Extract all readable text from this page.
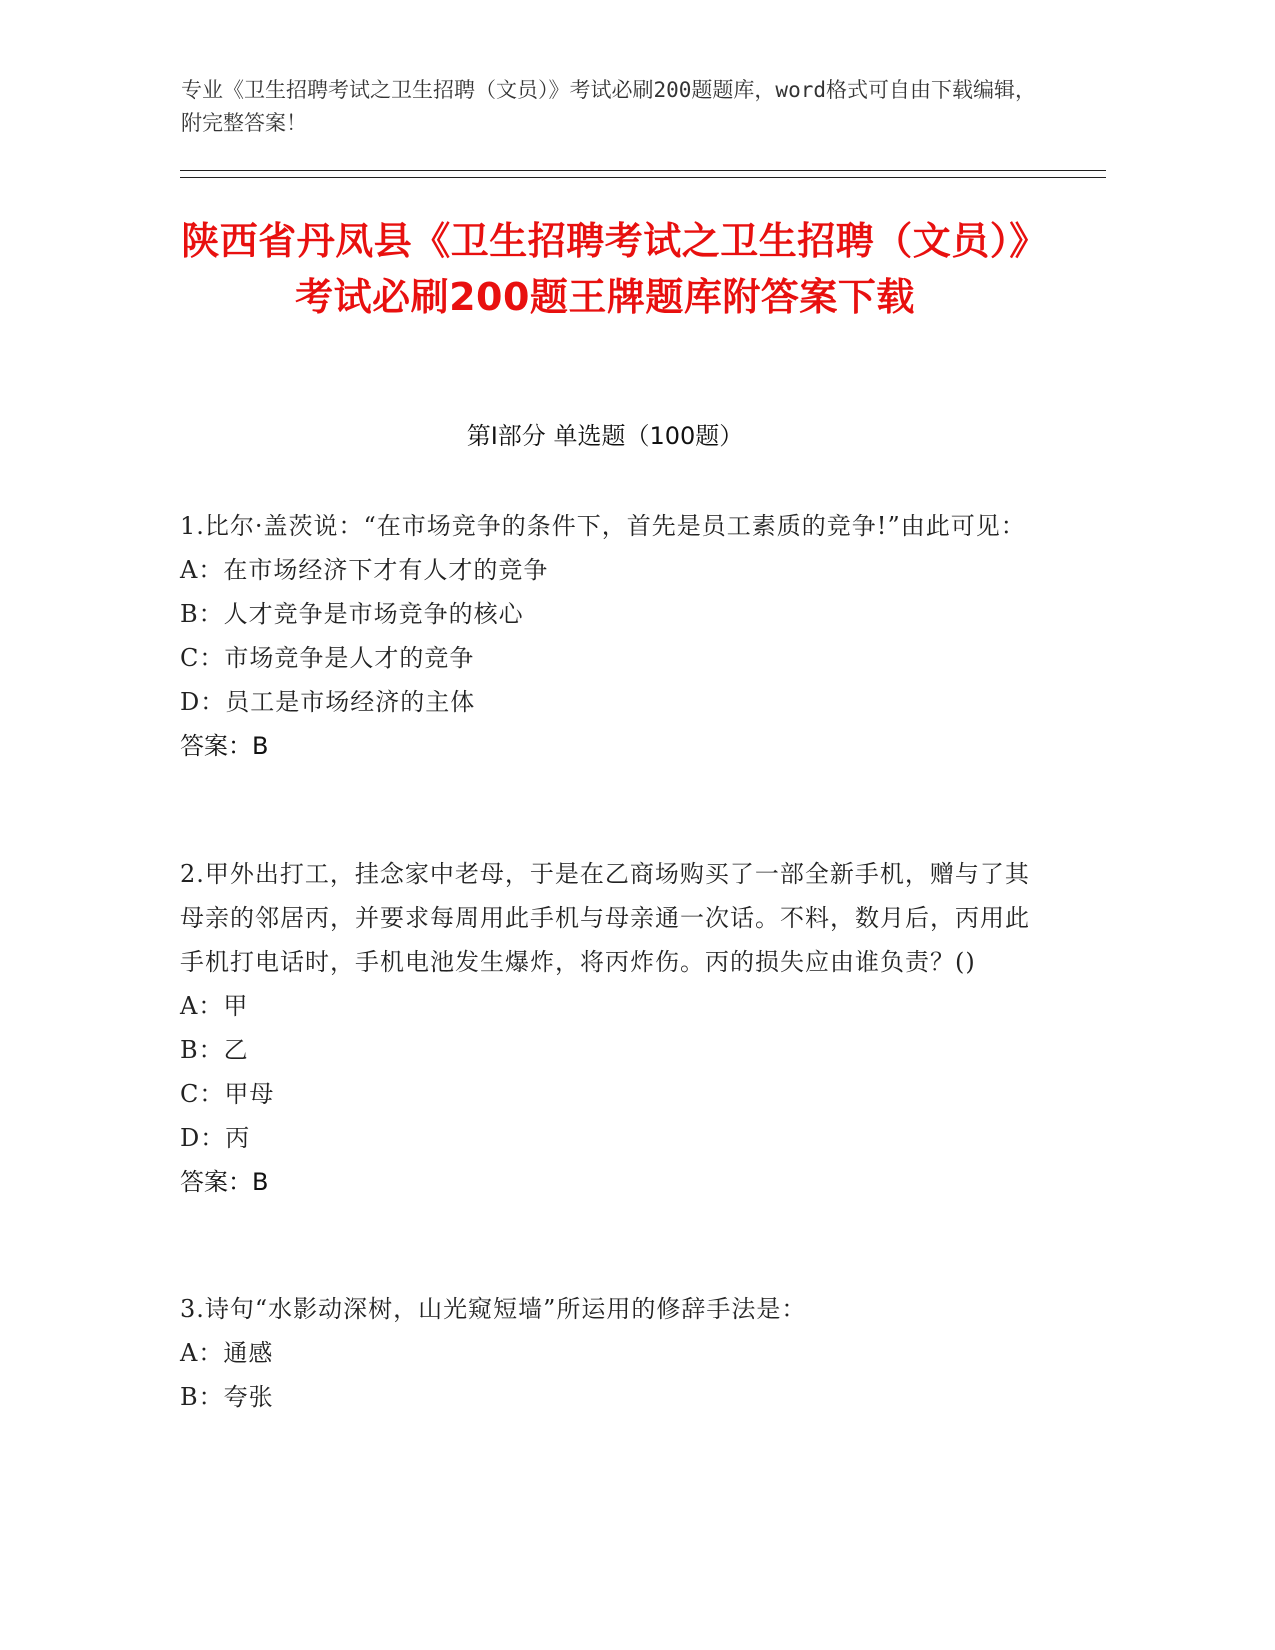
专业《卫生招聘考试之卫生招聘（文员）》考试必刷200题题库，word格式可自由下载编辑，附完整答案！
陕西省丹凤县《卫生招聘考试之卫生招聘（文员）》考试必刷200题王牌题库附答案下载
第Ⅰ部分 单选题（100题）
1.比尔·盖茨说：“在市场竞争的条件下，首先是员工素质的竞争!”由此可见：
A：在市场经济下才有人才的竞争
B：人才竞争是市场竞争的核心
C：市场竞争是人才的竞争
D：员工是市场经济的主体
答案：B
2.甲外出打工，挂念家中老母，于是在乙商场购买了一部全新手机，赠与了其母亲的邻居丙，并要求每周用此手机与母亲通一次话。不料，数月后，丙用此手机打电话时，手机电池发生爆炸，将丙炸伤。丙的损失应由谁负责？()
A：甲
B：乙
C：甲母
D：丙
答案：B
3.诗句“水影动深树，山光窥短墙”所运用的修辞手法是：
A：通感
B：夸张
